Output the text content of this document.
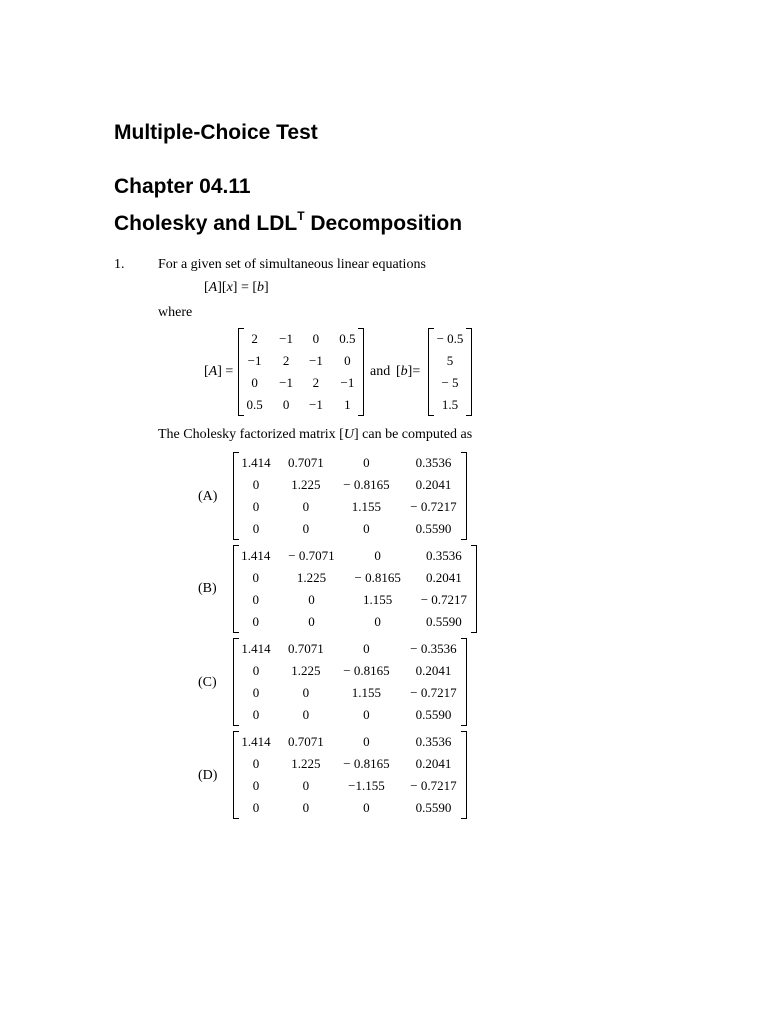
Multiple-Choice Test
Chapter 04.11
Cholesky and $LDL^T$ Decomposition
1. For a given set of simultaneous linear equations
[A][x] = [b]
where
[A] =
2	−1	0	0.5
−1	2	−1	0
0	−1	2	−1
0.5	0	−1	1
and [b]=
− 0.5
5
− 5
1.5
The Cholesky factorized matrix [U] can be computed as
(A)
1.414	0.7071	0	0.3536
0	1.225	− 0.8165	0.2041
0	0	1.155	− 0.7217
0	0	0	0.5590
(B)
1.414	− 0.7071	0	0.3536
0	1.225	− 0.8165	0.2041
0	0	1.155	− 0.7217
0	0	0	0.5590
(C)
1.414	0.7071	0	− 0.3536
0	1.225	− 0.8165	0.2041
0	0	1.155	− 0.7217
0	0	0	0.5590
(D)
1.414	0.7071	0	0.3536
0	1.225	− 0.8165	0.2041
0	0	−1.155	− 0.7217
0	0	0	0.5590
